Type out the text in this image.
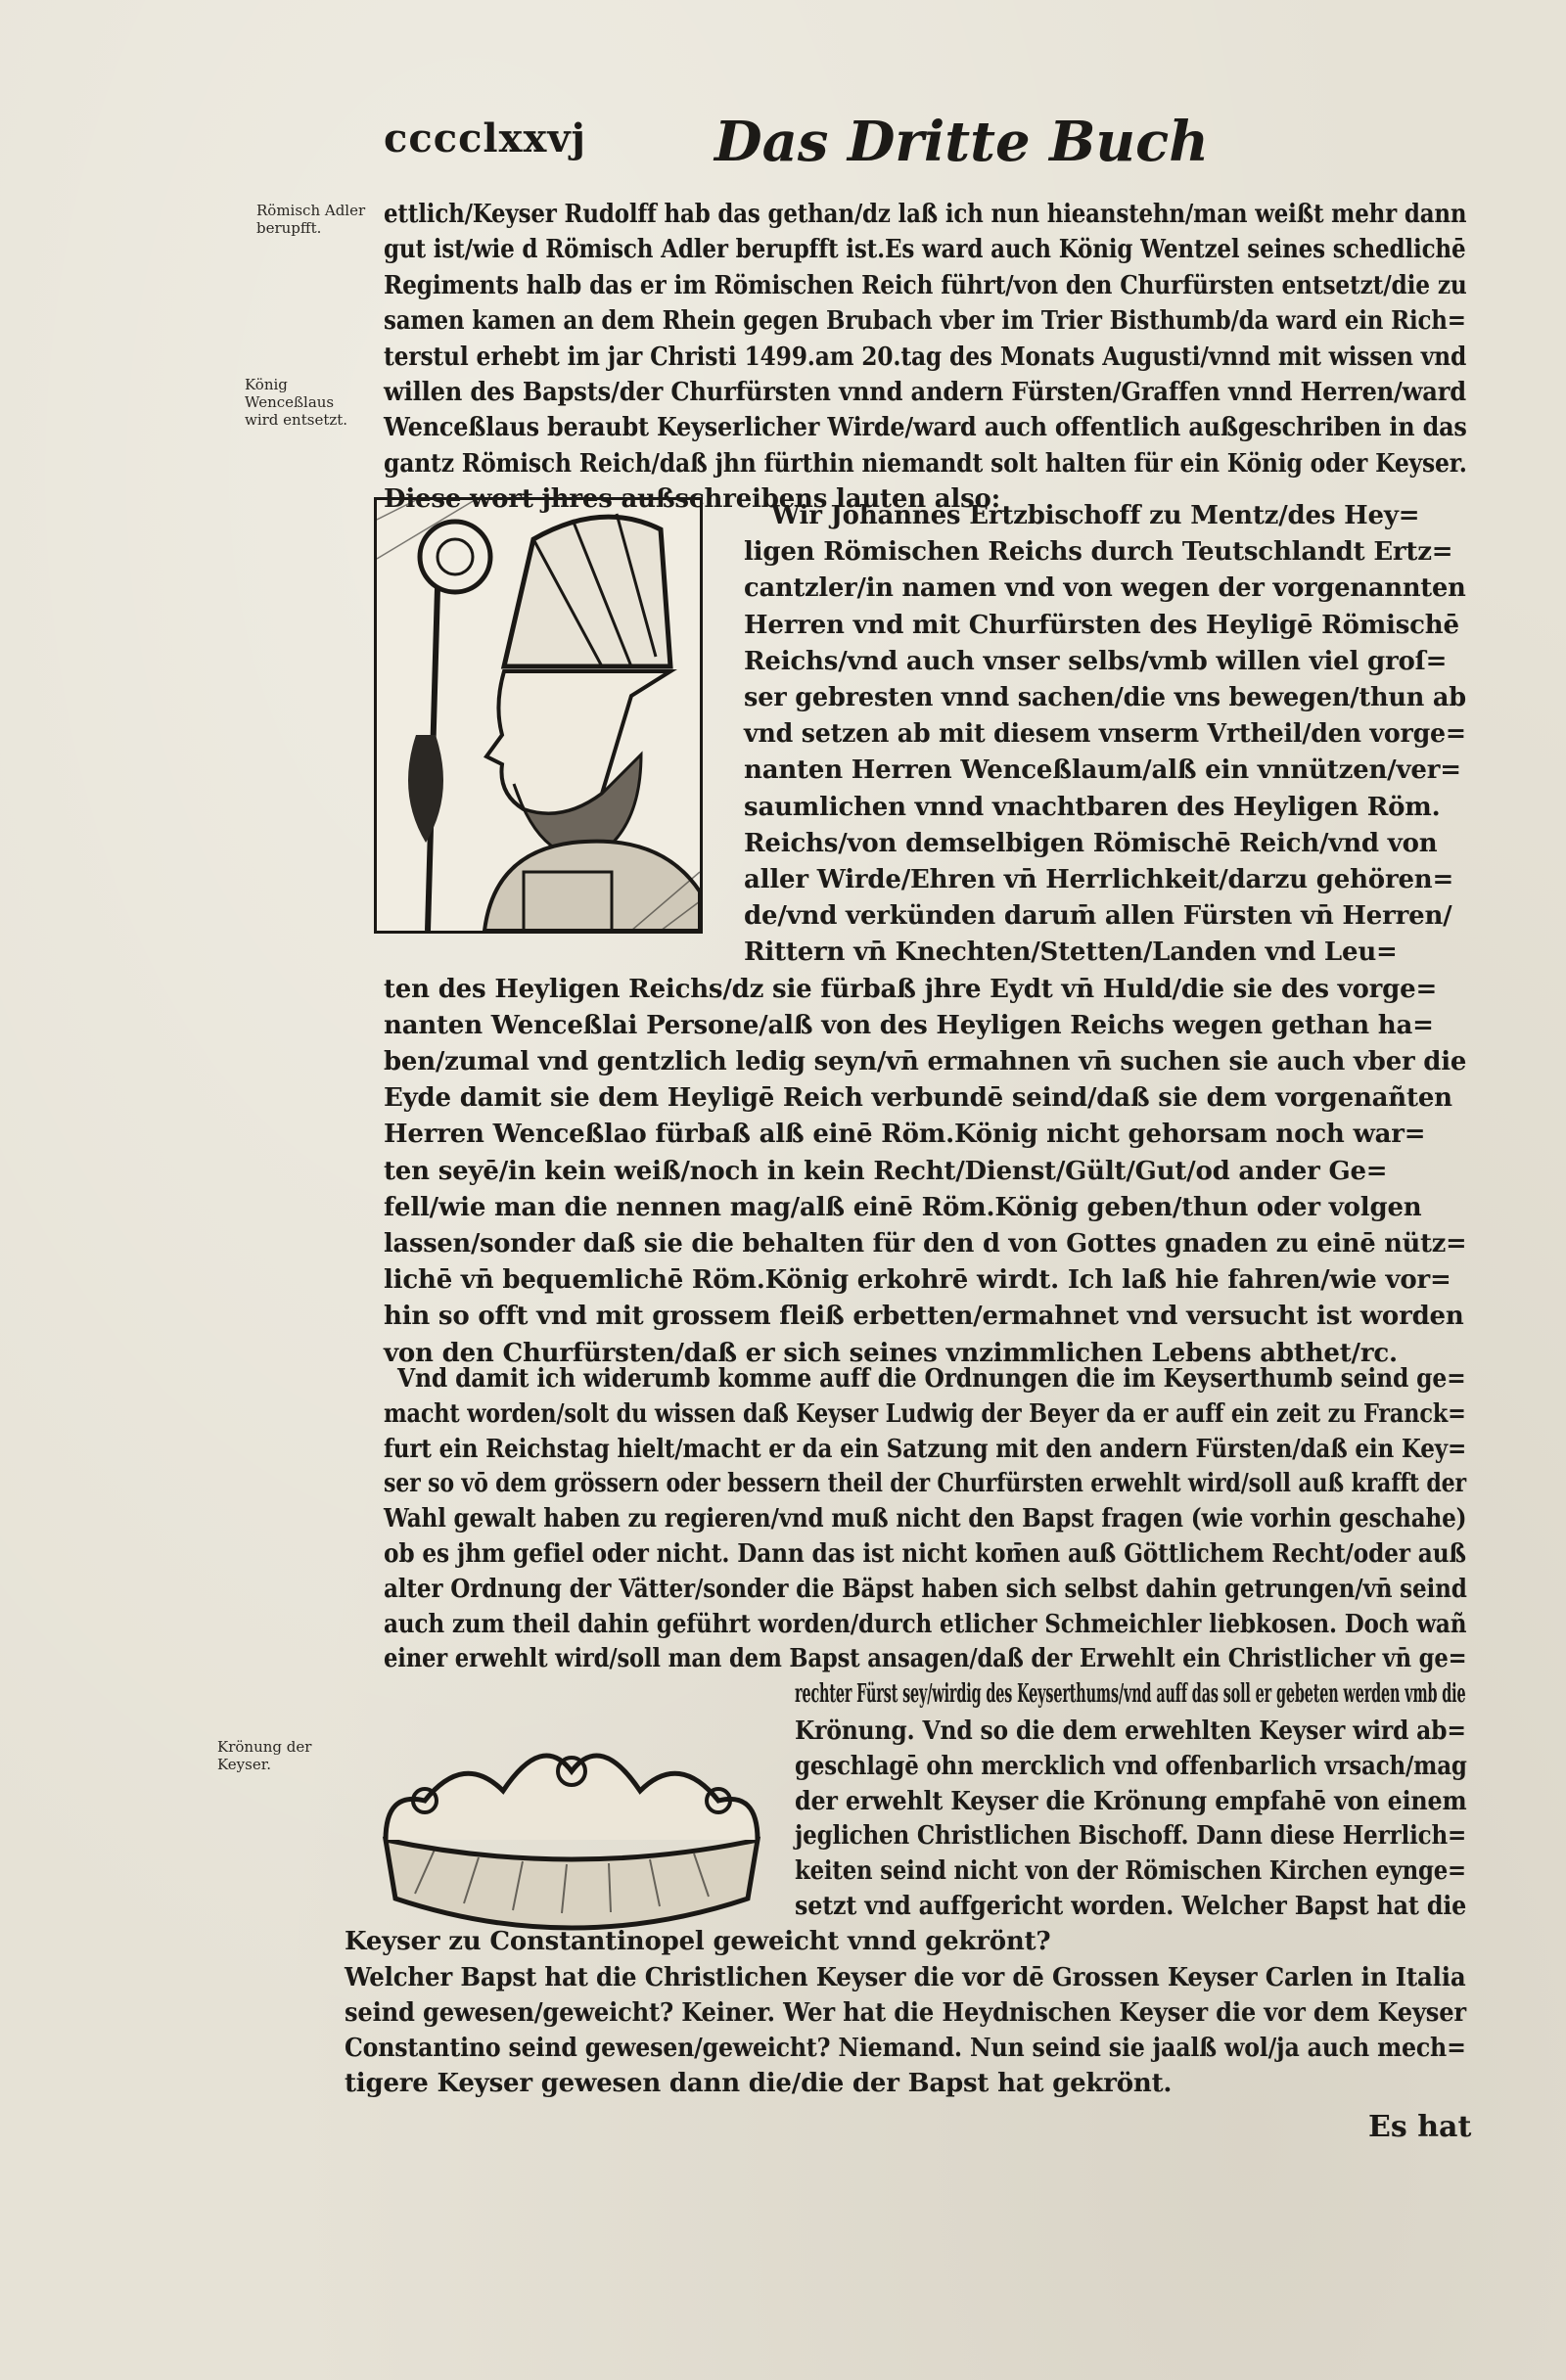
cccclxxvj Das Dritte Buch
Römisch Adler berupfft.
König Wenceßlaus wird entsetzt.
Krönung der Keyser.
ettlich/Keyser Rudolff hab das gethan/dz laß ich nun hieanstehn/man weißt mehr dann
gut ist/wie d Römisch Adler berupfft ist.Es ward auch König Wentzel seines schedlichē
Regiments halb das er im Römischen Reich führt/von den Churfürsten entsetzt/die zu
samen kamen an dem Rhein gegen Brubach vber im Trier Bisthumb/da ward ein Rich=
terstul erhebt im jar Christi 1499.am 20.tag des Monats Augusti/vnnd mit wissen vnd
willen des Bapsts/der Churfürsten vnnd andern Fürsten/Graffen vnnd Herren/ward
Wenceßlaus beraubt Keyserlicher Wirde/ward auch offentlich außgeschriben in das
gantz Römisch Reich/daß jhn fürthin niemandt solt halten für ein König oder Keyser.
Diese wort jhres außschreibens lauten also:
Wir Johannes Ertzbischoff zu Mentz/des Hey=
ligen Römischen Reichs durch Teutschlandt Ertz=
cantzler/in namen vnd von wegen der vorgenannten
Herren vnd mit Churfürsten des Heyligē Römischē
Reichs/vnd auch vnser selbs/vmb willen viel groſ=
ser gebresten vnnd sachen/die vns bewegen/thun ab
vnd setzen ab mit diesem vnserm Vrtheil/den vorge=
nanten Herren Wenceßlaum/alß ein vnnützen/ver=
saumlichen vnnd vnachtbaren des Heyligen Röm.
Reichs/von demselbigen Römischē Reich/vnd von
aller Wirde/Ehren vn̄ Herrlichkeit/darzu gehören=
de/vnd verkünden darum̄ allen Fürsten vn̄ Herren/
Rittern vn̄ Knechten/Stetten/Landen vnd Leu=
ten des Heyligen Reichs/dz sie fürbaß jhre Eydt vn̄ Huld/die sie des vorge=
nanten Wenceßlai Persone/alß von des Heyligen Reichs wegen gethan ha=
ben/zumal vnd gentzlich ledig seyn/vn̄ ermahnen vn̄ suchen sie auch vber die
Eyde damit sie dem Heyligē Reich verbundē seind/daß sie dem vorgenañten
Herren Wenceßlao fürbaß alß einē Röm.König nicht gehorsam noch war=
ten seyē/in kein weiß/noch in kein Recht/Dienst/Gült/Gut/od ander Ge=
fell/wie man die nennen mag/alß einē Röm.König geben/thun oder volgen
lassen/sonder daß sie die behalten für den d von Gottes gnaden zu einē nütz=
lichē vn̄ bequemlichē Röm.König erkohrē wirdt. Ich laß hie fahren/wie vor=
hin so offt vnd mit grossem fleiß erbetten/ermahnet vnd versucht ist worden
von den Churfürsten/daß er sich seines vnzimmlichen Lebens abthet/rc.
Vnd damit ich widerumb komme auff die Ordnungen die im Keyserthumb seind ge=
macht worden/solt du wissen daß Keyser Ludwig der Beyer da er auff ein zeit zu Franck=
furt ein Reichstag hielt/macht er da ein Satzung mit den andern Fürsten/daß ein Key=
ser so vō dem grössern oder bessern theil der Churfürsten erwehlt wird/soll auß krafft der
Wahl gewalt haben zu regieren/vnd muß nicht den Bapst fragen (wie vorhin geschahe)
ob es jhm gefiel oder nicht. Dann das ist nicht kom̄en auß Göttlichem Recht/oder auß
alter Ordnung der Vätter/sonder die Bäpst haben sich selbst dahin getrungen/vn̄ seind
auch zum theil dahin geführt worden/durch etlicher Schmeichler liebkosen. Doch wañ
einer erwehlt wird/soll man dem Bapst ansagen/daß der Erwehlt ein Christlicher vn̄ ge=
rechter Fürst sey/wirdig des Keyserthums/vnd auff das soll er gebeten werden vmb die
Krönung. Vnd so die dem erwehlten Keyser wird ab=
geschlagē ohn mercklich vnd offenbarlich vrsach/mag
der erwehlt Keyser die Krönung empfahē von einem
jeglichen Christlichen Bischoff. Dann diese Herrlich=
keiten seind nicht von der Römischen Kirchen eynge=
setzt vnd auffgericht worden. Welcher Bapst hat die
Keyser zu Constantinopel geweicht vnnd gekrönt?
Welcher Bapst hat die Christlichen Keyser die vor dē Grossen Keyser Carlen in Italia
seind gewesen/geweicht? Keiner. Wer hat die Heydnischen Keyser die vor dem Keyser
Constantino seind gewesen/geweicht? Niemand. Nun seind sie jaalß wol/ja auch mech=
tigere Keyser gewesen dann die/die der Bapst hat gekrönt.
Es hat
